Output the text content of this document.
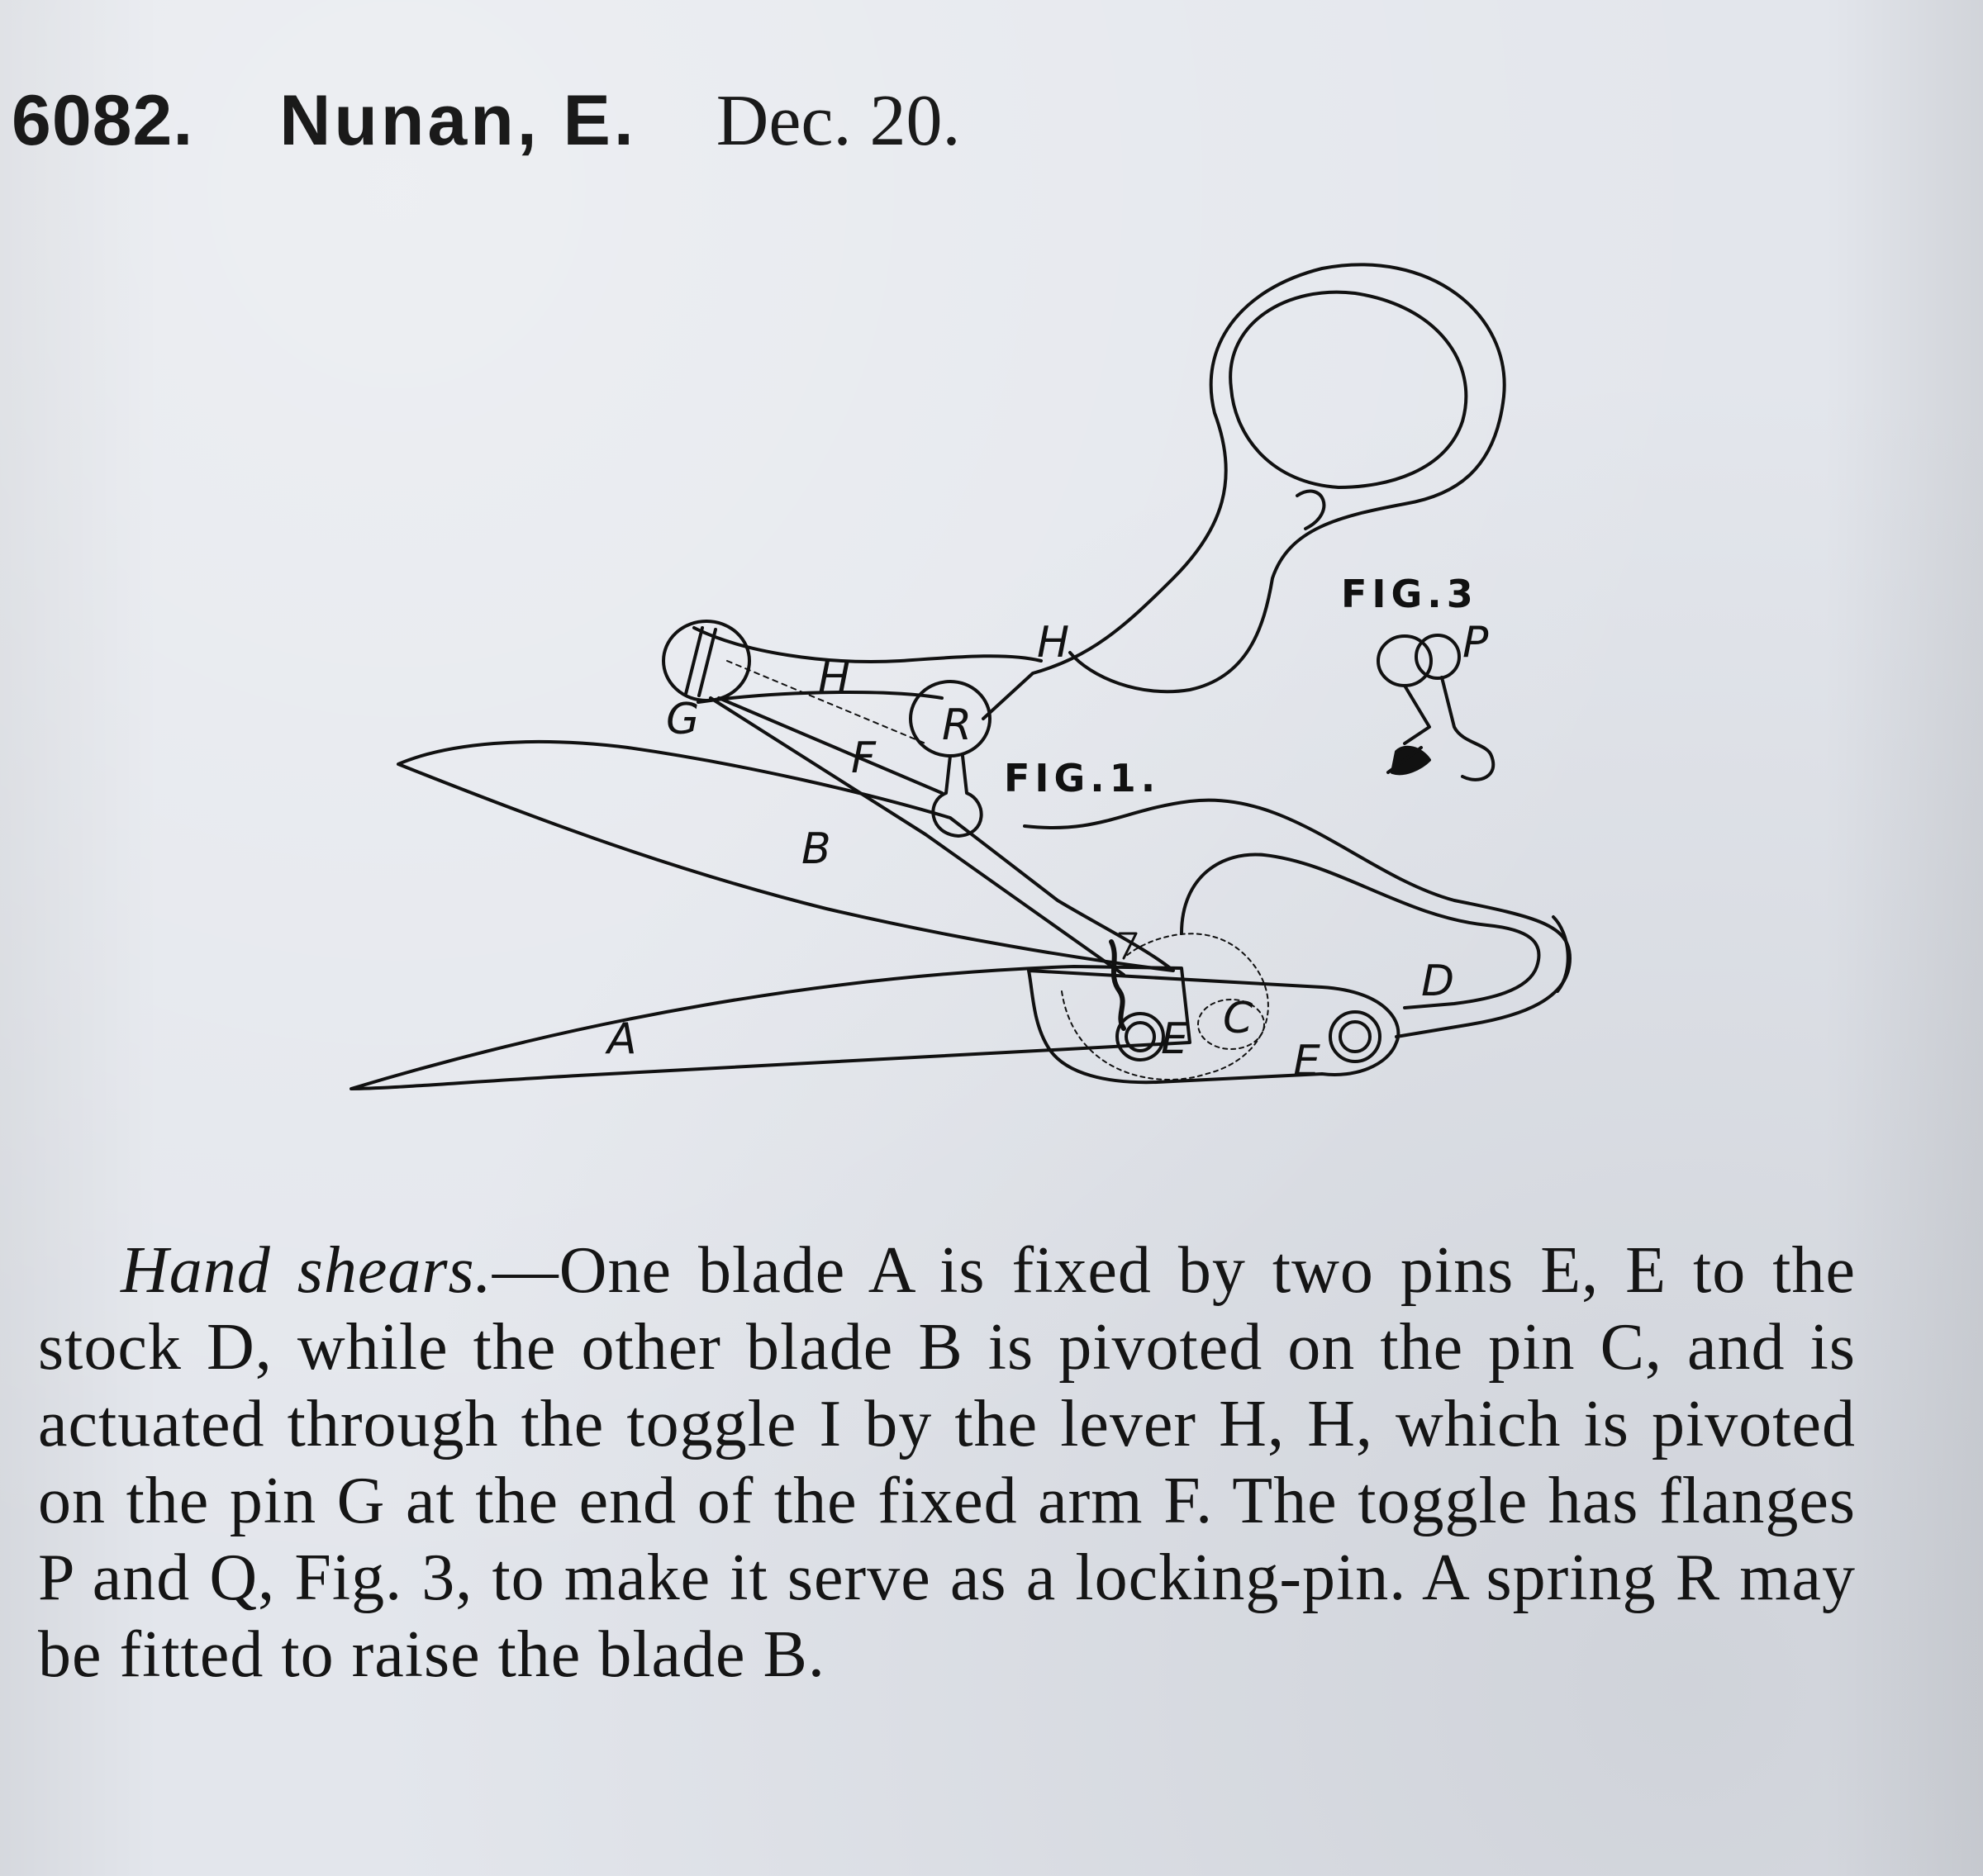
6082. Nunan, E. Dec. 20.
FIG.3
FIG.1.
A
B
C
D
E E
F
G
H
H
R
P
Hand shears.—One blade A is fixed by two pins E, E to the stock D, while the other blade B is pivoted on the pin C, and is actuated through the toggle I by the lever H, H, which is pivoted on the pin G at the end of the fixed arm F. The toggle has flanges P and Q, Fig. 3, to make it serve as a locking-pin. A spring R may be fitted to raise the blade B.
